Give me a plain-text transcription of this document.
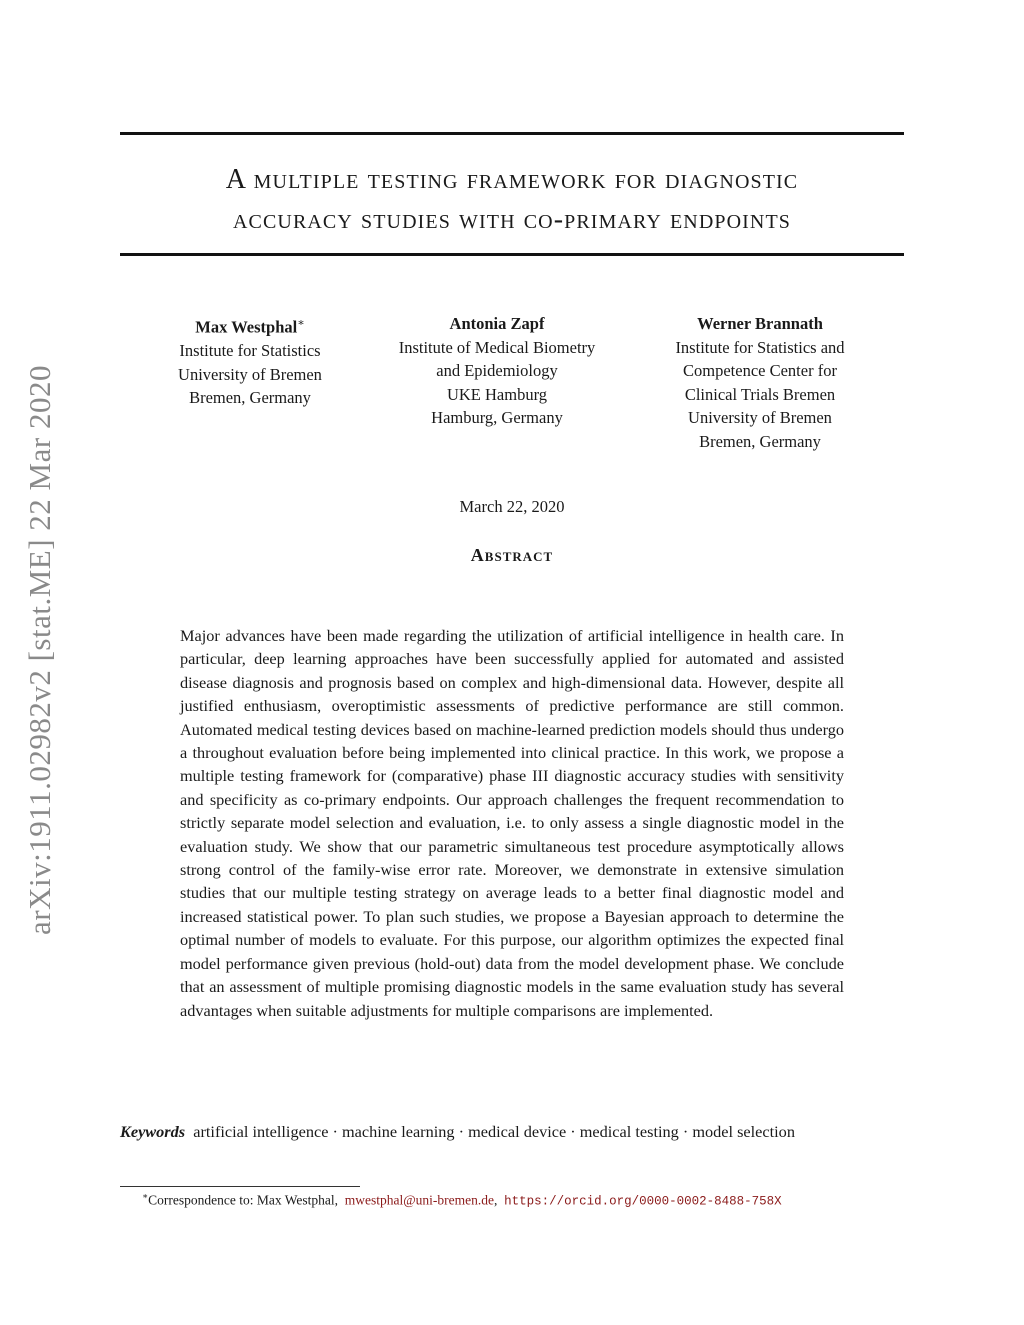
arXiv:1911.02982v2 [stat.ME] 22 Mar 2020
A multiple testing framework for diagnostic
accuracy studies with co-primary endpoints
Max Westphal∗
Institute for Statistics
University of Bremen
Bremen, Germany
Antonia Zapf
Institute of Medical Biometry
and Epidemiology
UKE Hamburg
Hamburg, Germany
Werner Brannath
Institute for Statistics and
Competence Center for
Clinical Trials Bremen
University of Bremen
Bremen, Germany
March 22, 2020
Abstract
Major advances have been made regarding the utilization of artificial intelligence in health care. In particular, deep learning approaches have been successfully applied for automated and assisted disease diagnosis and prognosis based on complex and high-dimensional data. However, despite all justified enthusiasm, overoptimistic assessments of predictive performance are still common. Automated medical testing devices based on machine-learned prediction models should thus undergo a throughout evaluation before being implemented into clinical practice. In this work, we propose a multiple testing framework for (comparative) phase III diagnostic accuracy studies with sensitivity and specificity as co-primary endpoints. Our approach challenges the frequent recommendation to strictly separate model selection and evaluation, i.e. to only assess a single diagnostic model in the evaluation study. We show that our parametric simultaneous test procedure asymptotically allows strong control of the family-wise error rate. Moreover, we demonstrate in extensive simulation studies that our multiple testing strategy on average leads to a better final diagnostic model and increased statistical power. To plan such studies, we propose a Bayesian approach to determine the optimal number of models to evaluate. For this purpose, our algorithm optimizes the expected final model performance given previous (hold-out) data from the model development phase. We conclude that an assessment of multiple promising diagnostic models in the same evaluation study has several advantages when suitable adjustments for multiple comparisons are implemented.
Keywords artificial intelligence · machine learning · medical device · medical testing · model selection
∗Correspondence to: Max Westphal, mwestphal@uni-bremen.de, https://orcid.org/0000-0002-8488-758X
